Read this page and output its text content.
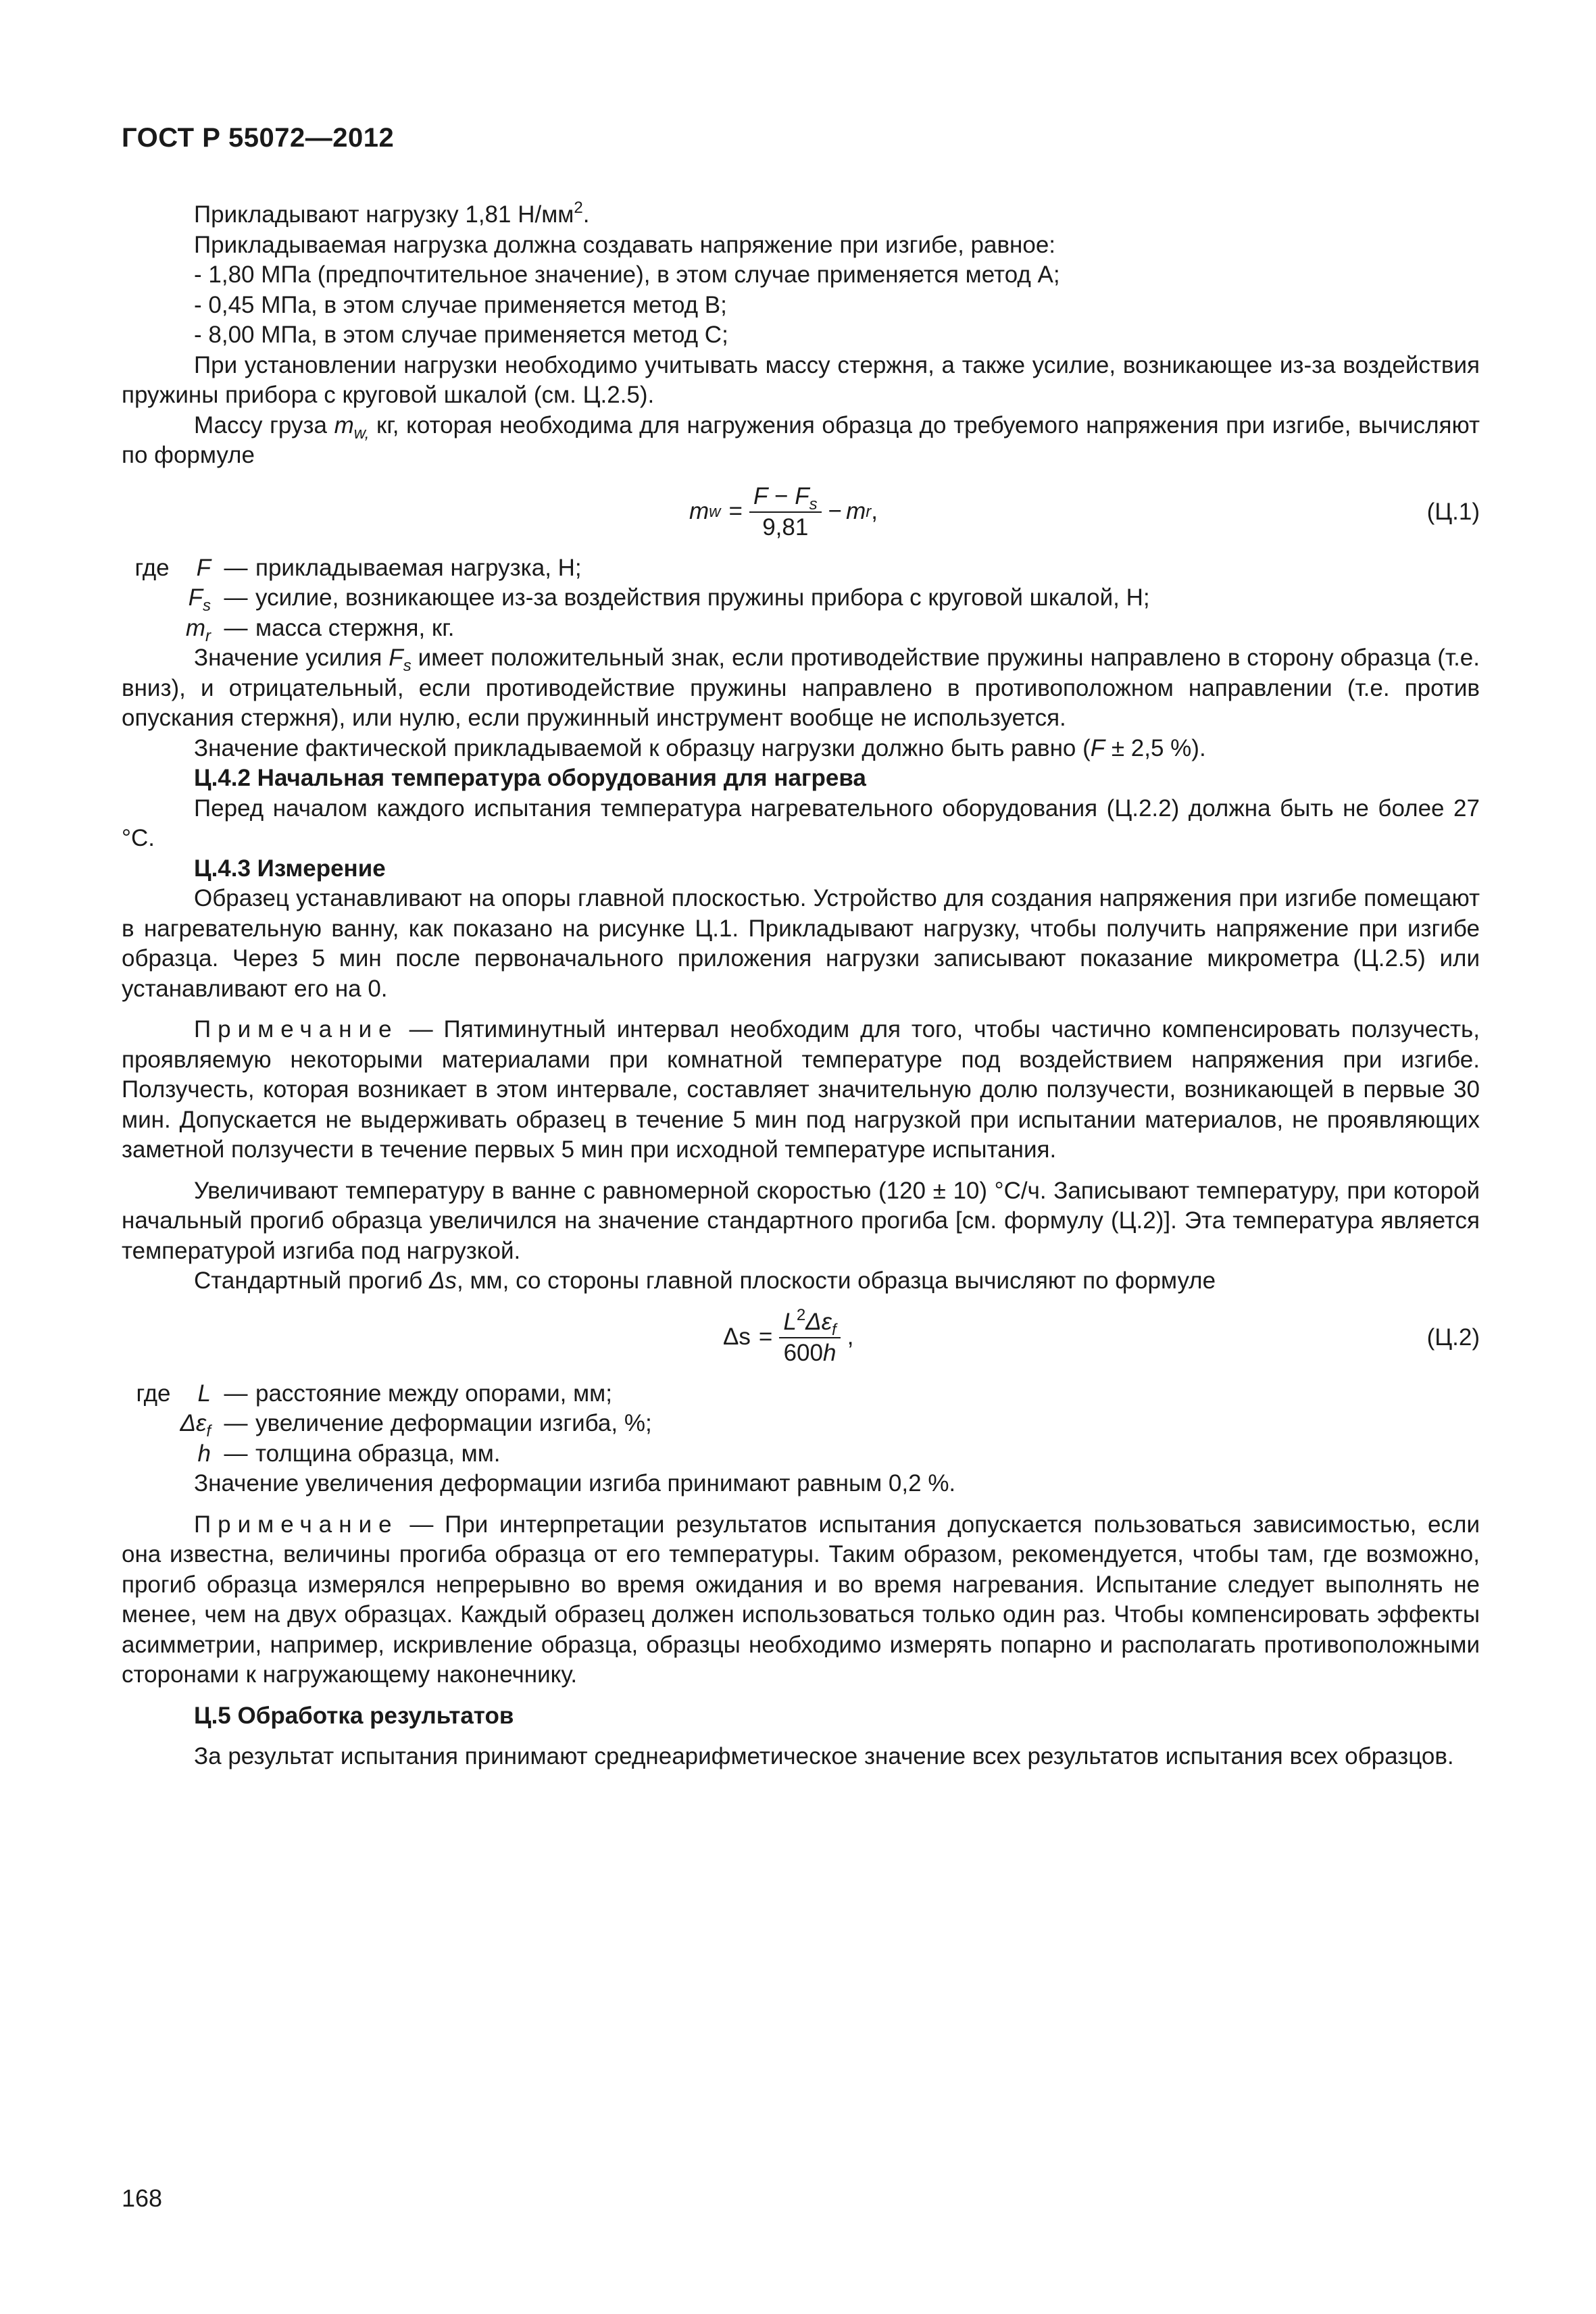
ГОСТ Р 55072—2012

Прикладывают нагрузку 1,81 $Н/мм^2$.

Прикладываемая нагрузка должна создавать напряжение при изгибе, равное:

- 1,80 МПа (предпочтительное значение), в этом случае применяется метод А;

- 0,45 МПа, в этом случае применяется метод В;

- 8,00 МПа, в этом случае применяется метод С;

При установлении нагрузки необходимо учитывать массу стержня, а также усилие, возникающее из-за воздействия пружины прибора с круговой шкалой (см. Ц.2.5).

Массу груза $m_{w,}$ кг, которая необходима для нагружения образца до требуемого напряжения при изгибе, вычисляют по формуле

m $w = \frac{F - F_s}{9,81} - m$ r ,	(Ц.1)
где F — прикладываемая нагрузка, Н;
$F_s$ — усилие, возникающее из-за воздействия пружины прибора с круговой шкалой, Н;
$m_r$ — масса стержня, кг.

Значение усилия $F_s$ имеет положительный знак, если противодействие пружины направлено в сторону образца (т.е. вниз), и отрицательный, если противодействие пружины направлено в противоположном направлении (т.е. против опускания стержня), или нулю, если пружинный инструмент вообще не используется.

Значение фактической прикладываемой к образцу нагрузки должно быть равно (F ± 2,5 %).

Ц.4.2 Начальная температура оборудования для нагрева

Перед началом каждого испытания температура нагревательного оборудования (Ц.2.2) должна быть не более 27 °С.

Ц.4.3 Измерение

Образец устанавливают на опоры главной плоскостью. Устройство для создания напряжения при изгибе помещают в нагревательную ванну, как показано на рисунке Ц.1. Прикладывают нагрузку, чтобы получить напряжение при изгибе образца. Через 5 мин после первоначального приложения нагрузки записывают показание микрометра (Ц.2.5) или устанавливают его на 0.

Примечание — Пятиминутный интервал необходим для того, чтобы частично компенсировать ползучесть, проявляемую некоторыми материалами при комнатной температуре под воздействием напряжения при изгибе. Ползучесть, которая возникает в этом интервале, составляет значительную долю ползучести, возникающей в первые 30 мин. Допускается не выдерживать образец в течение 5 мин под нагрузкой при испытании материалов, не проявляющих заметной ползучести в течение первых 5 мин при исходной температуре испытания.

Увеличивают температуру в ванне с равномерной скоростью (120 ± 10) °С/ч. Записывают температуру, при которой начальный прогиб образца увеличился на значение стандартного прогиба [см. формулу (Ц.2)]. Эта температура является температурой изгиба под нагрузкой.

Стандартный прогиб Δs, мм, со стороны главной плоскости образца вычисляют по формуле

$\Delta s = \frac{L^2\Delta\varepsilon_f}{600h}$ ,	(Ц.2)
где L — расстояние между опорами, мм;
$\Delta\varepsilon_f$ — увеличение деформации изгиба, %;
h — толщина образца, мм.

Значение увеличения деформации изгиба принимают равным 0,2 %.

Примечание — При интерпретации результатов испытания допускается пользоваться зависимостью, если она известна, величины прогиба образца от его температуры. Таким образом, рекомендуется, чтобы там, где возможно, прогиб образца измерялся непрерывно во время ожидания и во время нагревания. Испытание следует выполнять не менее, чем на двух образцах. Каждый образец должен использоваться только один раз. Чтобы компенсировать эффекты асимметрии, например, искривление образца, образцы необходимо измерять попарно и располагать противоположными сторонами к нагружающему наконечнику.

Ц.5 Обработка результатов

За результат испытания принимают среднеарифметическое значение всех результатов испытания всех образцов.

168
